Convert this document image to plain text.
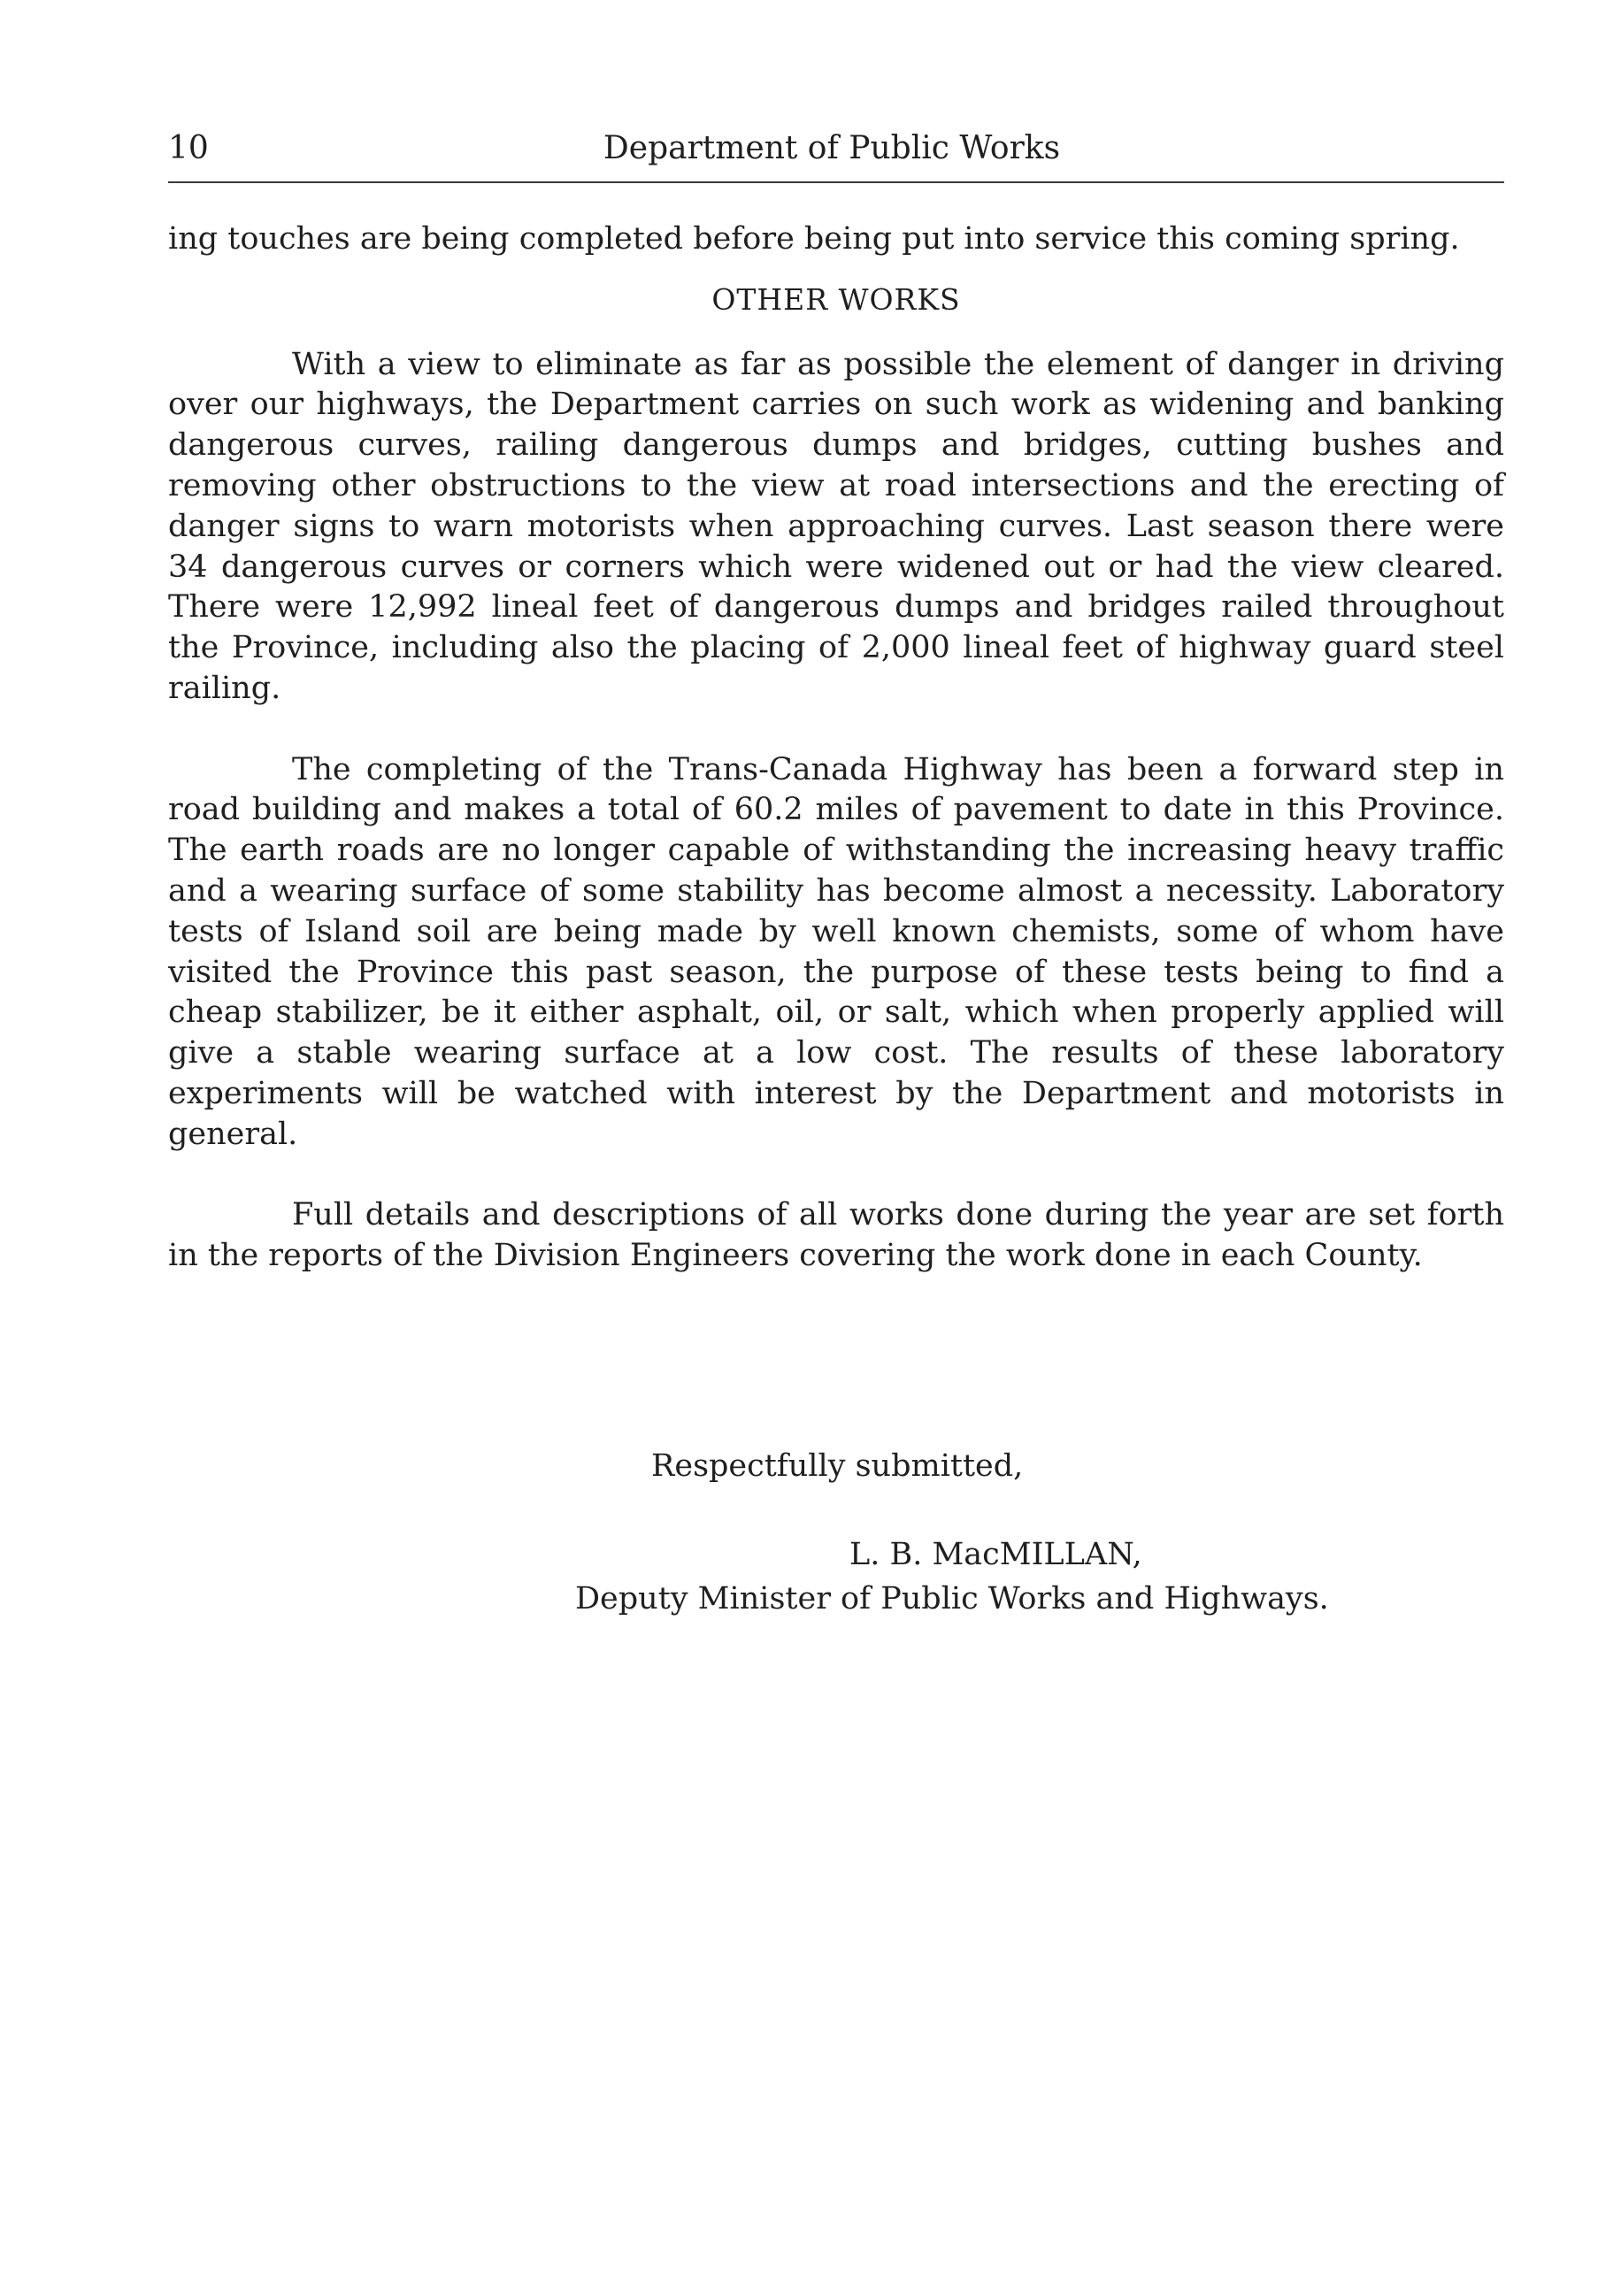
10	Department of Public Works

ing touches are being completed before being put into service this coming spring.

OTHER WORKS

With a view to eliminate as far as possible the element of danger in driving over our highways, the Department carries on such work as widening and banking dangerous curves, railing dangerous dumps and bridges, cutting bushes and removing other obstructions to the view at road intersections and the erecting of danger signs to warn motorists when approaching curves. Last season there were 34 dangerous curves or corners which were widened out or had the view cleared. There were 12,992 lineal feet of dangerous dumps and bridges railed throughout the Province, including also the placing of 2,000 lineal feet of highway guard steel railing.

The completing of the Trans-Canada Highway has been a forward step in road building and makes a total of 60.2 miles of pavement to date in this Province. The earth roads are no longer capable of withstanding the increasing heavy traffic and a wearing surface of some stability has become almost a necessity. Laboratory tests of Island soil are being made by well known chemists, some of whom have visited the Province this past season, the purpose of these tests being to find a cheap stabilizer, be it either asphalt, oil, or salt, which when properly applied will give a stable wearing surface at a low cost. The results of these laboratory experiments will be watched with interest by the Department and motorists in general.

Full details and descriptions of all works done during the year are set forth in the reports of the Division Engineers covering the work done in each County.

Respectfully submitted,
L. B. MacMILLAN,
Deputy Minister of Public Works and Highways.
